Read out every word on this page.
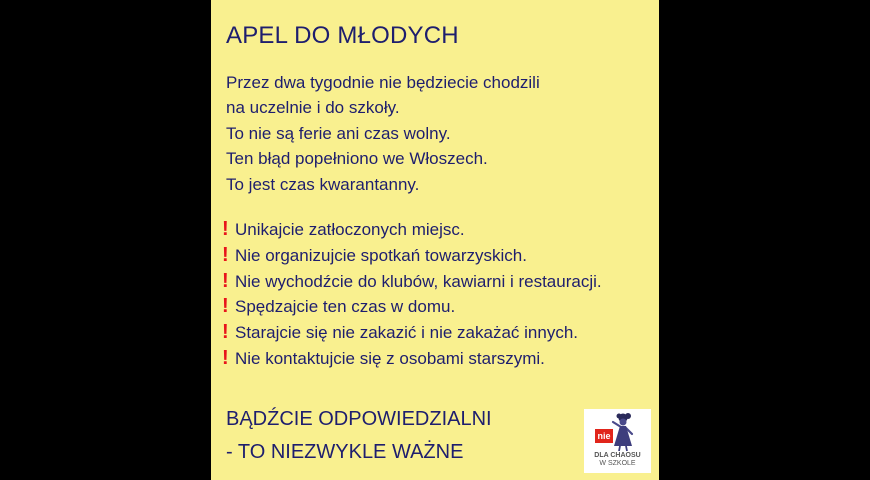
APEL DO MŁODYCH
Przez dwa tygodnie nie będziecie chodzili
na uczelnie i do szkoły.
To nie są ferie ani czas wolny.
Ten błąd popełniono we Włoszech.
To jest czas kwarantanny.
! Unikajcie zatłoczonych miejsc.
! Nie organizujcie spotkań towarzyskich.
! Nie wychodźcie do klubów, kawiarni i restauracji.
! Spędzajcie ten czas w domu.
! Starajcie się nie zakazić i nie zakażać innych.
! Nie kontaktujcie się z osobami starszymi.
BĄDŹCIE ODPOWIEDZIALNI
- TO NIEZWYKLE WAŻNE
nie
DLA CHAOSU
W SZKOLE
